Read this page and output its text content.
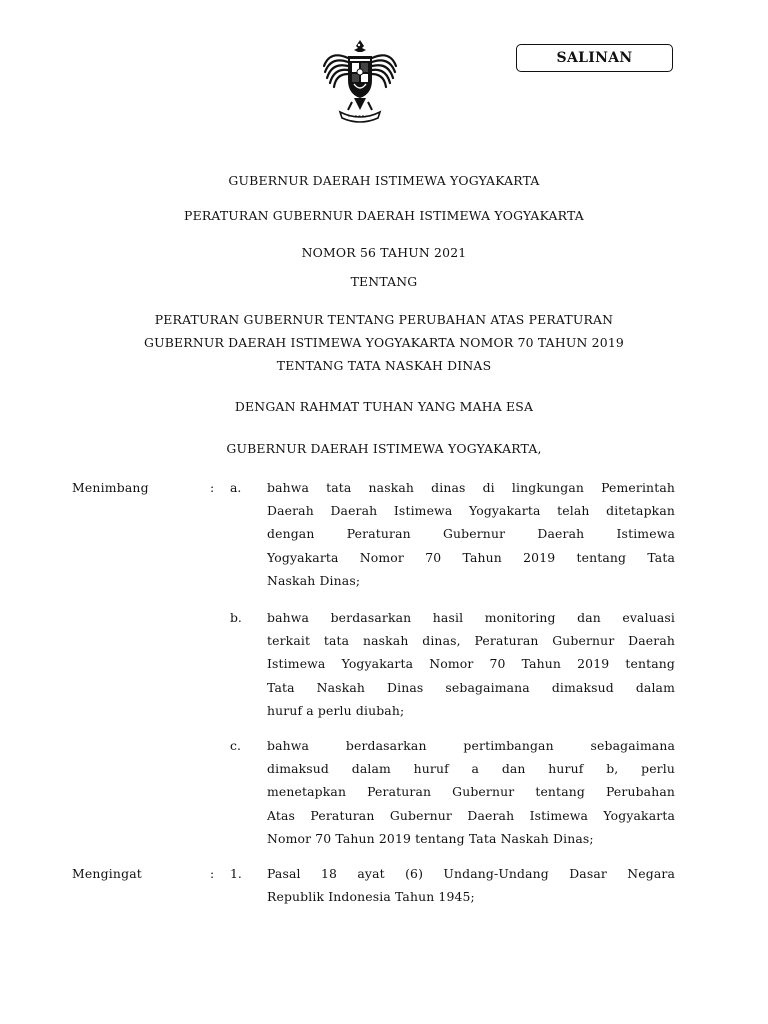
SALINAN
GUBERNUR DAERAH ISTIMEWA YOGYAKARTA
PERATURAN GUBERNUR DAERAH ISTIMEWA YOGYAKARTA
NOMOR 56 TAHUN 2021
TENTANG
PERATURAN GUBERNUR TENTANG PERUBAHAN ATAS PERATURAN
GUBERNUR DAERAH ISTIMEWA YOGYAKARTA NOMOR 70 TAHUN 2019
TENTANG TATA NASKAH DINAS
DENGAN RAHMAT TUHAN YANG MAHA ESA
GUBERNUR DAERAH ISTIMEWA YOGYAKARTA,
Menimbang	: a. bahwa tata naskah dinas di lingkungan Pemerintah
Daerah Daerah Istimewa Yogyakarta telah ditetapkan
dengan Peraturan Gubernur Daerah Istimewa
Yogyakarta Nomor 70 Tahun 2019 tentang Tata
Naskah Dinas;
b. bahwa berdasarkan hasil monitoring dan evaluasi
terkait tata naskah dinas, Peraturan Gubernur Daerah
Istimewa Yogyakarta Nomor 70 Tahun 2019 tentang
Tata Naskah Dinas sebagaimana dimaksud dalam
huruf a perlu diubah;
c. bahwa berdasarkan pertimbangan sebagaimana
dimaksud dalam huruf a dan huruf b, perlu
menetapkan Peraturan Gubernur tentang Perubahan
Atas Peraturan Gubernur Daerah Istimewa Yogyakarta
Nomor 70 Tahun 2019 tentang Tata Naskah Dinas;
Mengingat	: 1. Pasal 18 ayat (6) Undang-Undang Dasar Negara
Republik Indonesia Tahun 1945;
